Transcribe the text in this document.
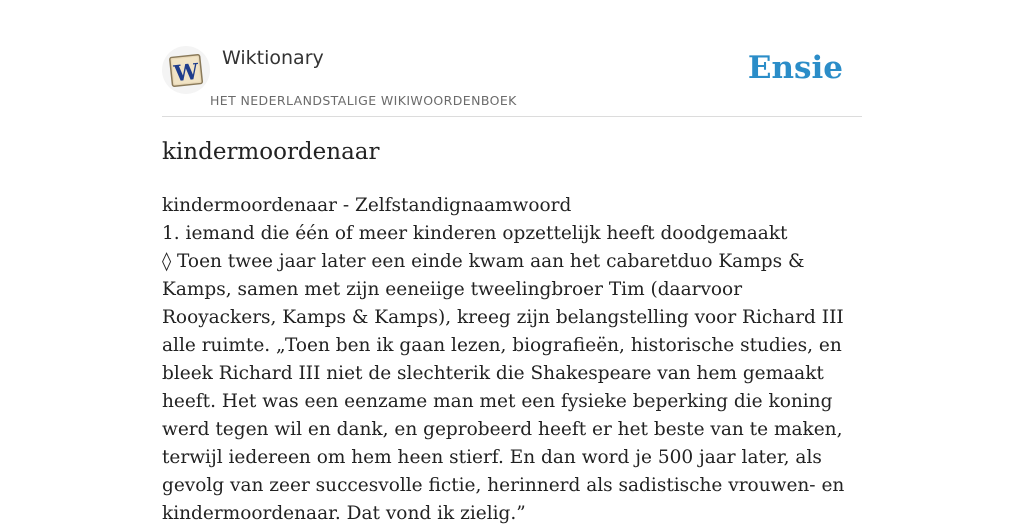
W
Wiktionary
HET NEDERLANDSTALIGE WIKIWOORDENBOEK
Ensie
kindermoordenaar

kindermoordenaar - Zelfstandignaamwoord

1. iemand die één of meer kinderen opzettelijk heeft doodgemaakt

◊ Toen twee jaar later een einde kwam aan het cabaretduo Kamps & Kamps, samen met zijn eeneiige tweelingbroer Tim (daarvoor Rooyackers, Kamps & Kamps), kreeg zijn belangstelling voor Richard III alle ruimte. „Toen ben ik gaan lezen, biografieën, historische studies, en bleek Richard III niet de slechterik die Shakespeare van hem gemaakt heeft. Het was een eenzame man met een fysieke beperking die koning werd tegen wil en dank, en geprobeerd heeft er het beste van te maken, terwijl iedereen om hem heen stierf. En dan word je 500 jaar later, als gevolg van zeer succesvolle fictie, herinnerd als sadistische vrouwen- en kindermoordenaar. Dat vond ik zielig.”
